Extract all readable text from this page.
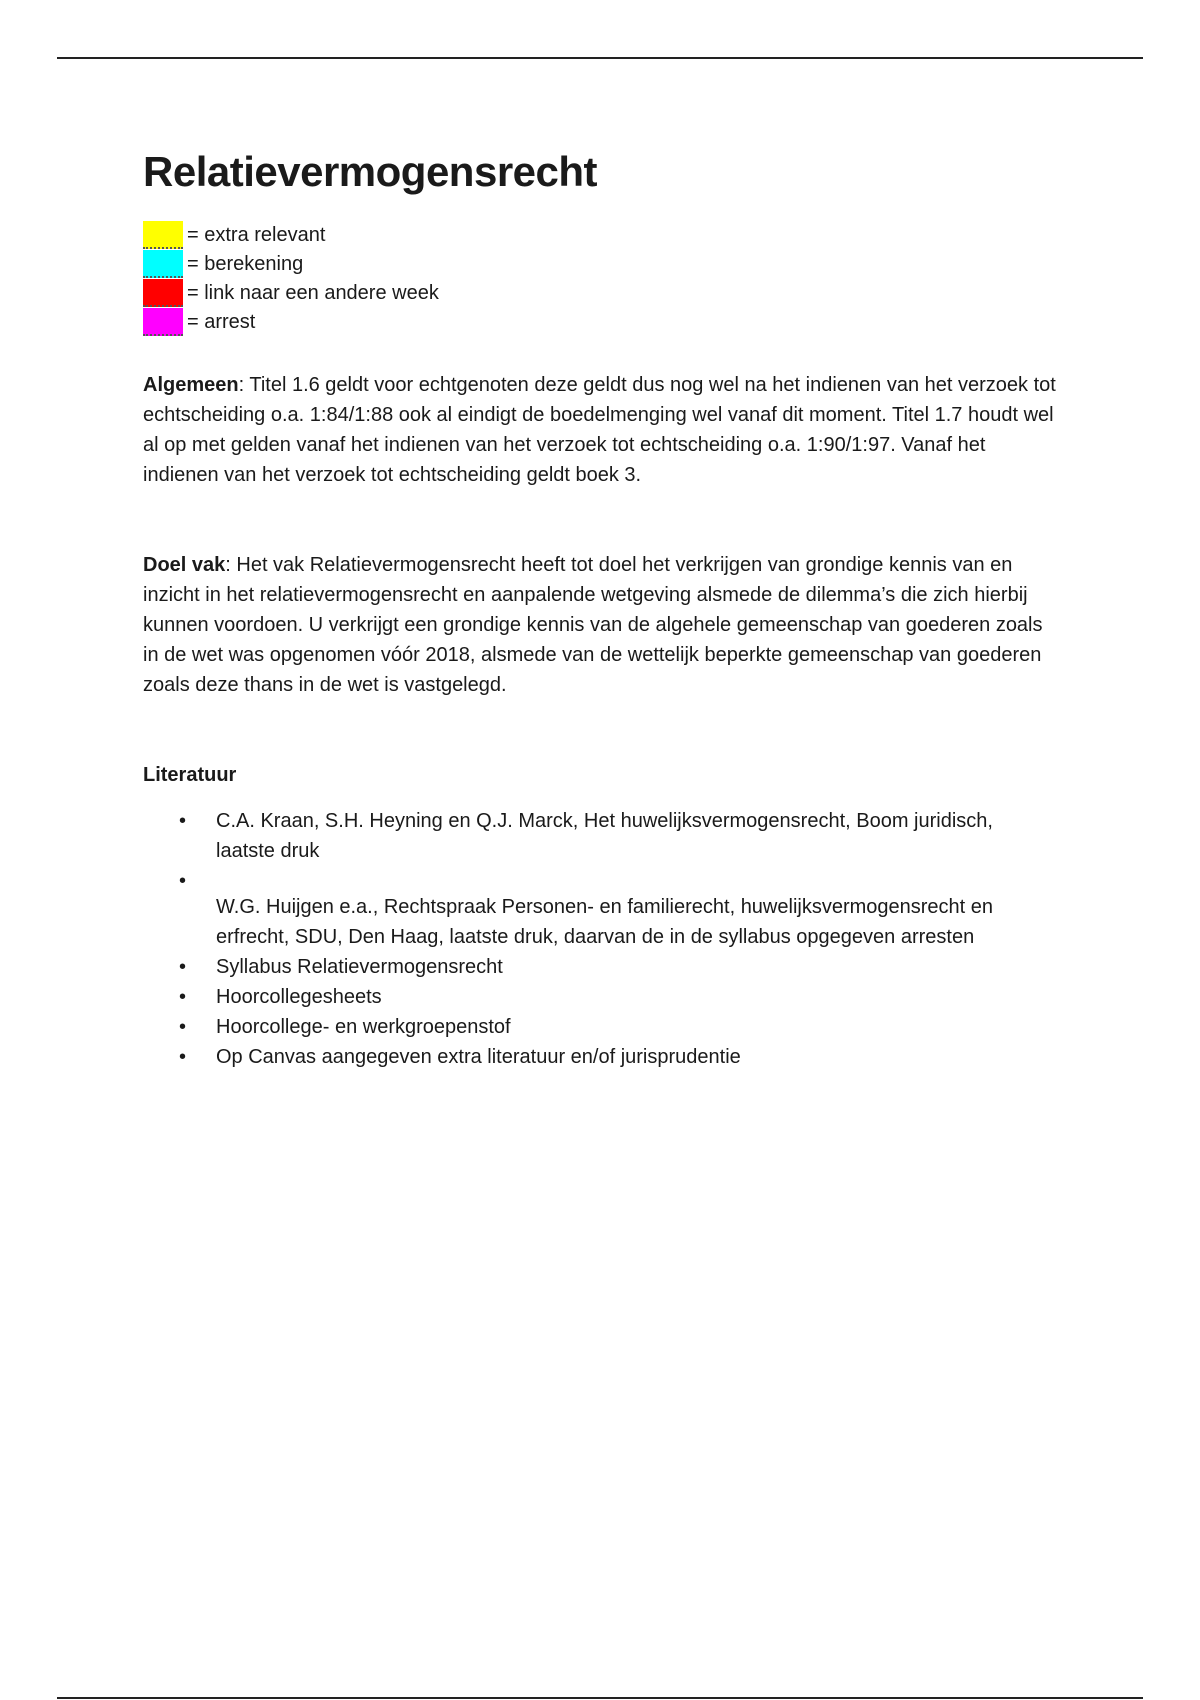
Relatievermogensrecht
= extra relevant
= berekening
= link naar een andere week
= arrest

Algemeen: Titel 1.6 geldt voor echtgenoten deze geldt dus nog wel na het indienen van het verzoek tot echtscheiding o.a. 1:84/1:88 ook al eindigt de boedelmenging wel vanaf dit moment. Titel 1.7 houdt wel al op met gelden vanaf het indienen van het verzoek tot echtscheiding o.a. 1:90/1:97. Vanaf het indienen van het verzoek tot echtscheiding geldt boek 3.

Doel vak: Het vak Relatievermogensrecht heeft tot doel het verkrijgen van grondige kennis van en inzicht in het relatievermogensrecht en aanpalende wetgeving alsmede de dilemma’s die zich hierbij kunnen voordoen. U verkrijgt een grondige kennis van de algehele gemeenschap van goederen zoals in de wet was opgenomen vóór 2018, alsmede van de wettelijk beperkte gemeenschap van goederen zoals deze thans in de wet is vastgelegd.

Literatuur

• C.A. Kraan, S.H. Heyning en Q.J. Marck, Het huwelijksvermogensrecht, Boom juridisch, laatste druk
•
W.G. Huijgen e.a., Rechtspraak Personen- en familierecht, huwelijksvermogensrecht en erfrecht, SDU, Den Haag, laatste druk, daarvan de in de syllabus opgegeven arresten
• Syllabus Relatievermogensrecht
• Hoorcollegesheets
• Hoorcollege- en werkgroepenstof
• Op Canvas aangegeven extra literatuur en/of jurisprudentie
